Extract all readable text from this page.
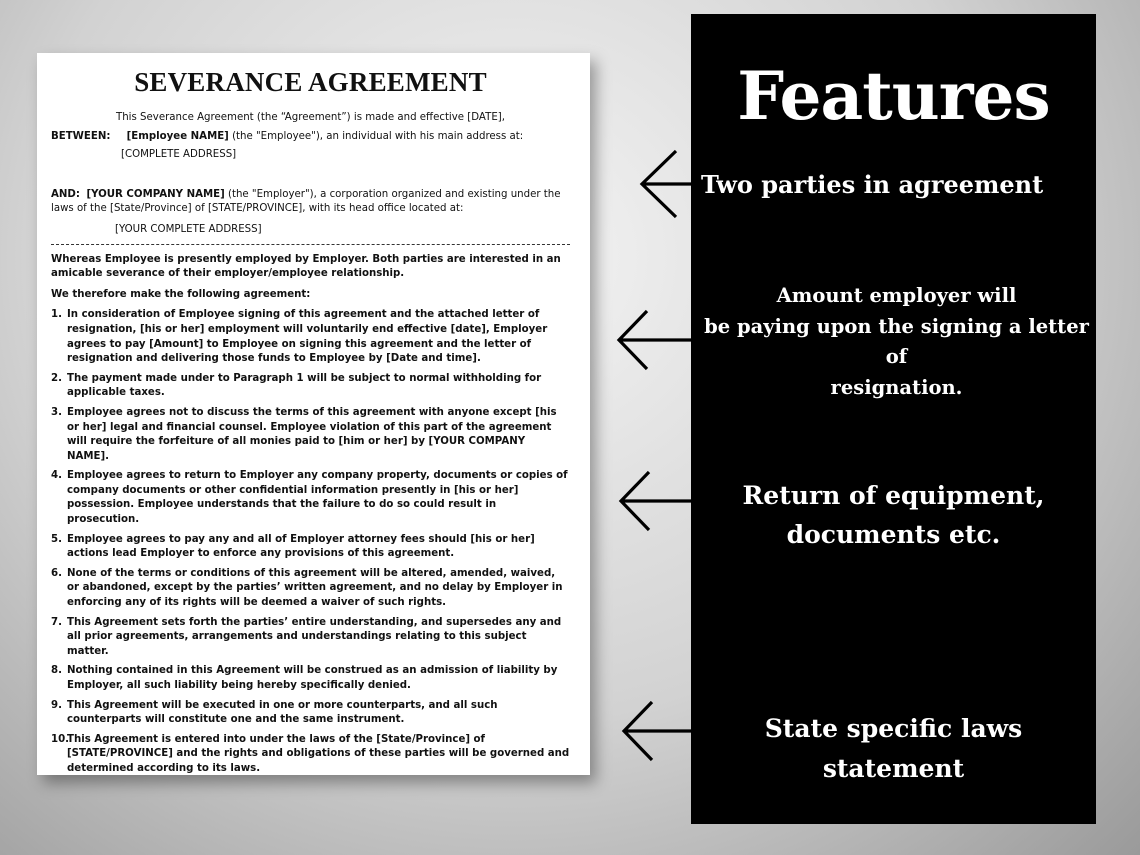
SEVERANCE AGREEMENT

This Severance Agreement (the “Agreement”) is made and effective [DATE],

BETWEEN: [Employee NAME] (the "Employee"), an individual with his main address at:

[COMPLETE ADDRESS]

AND: [YOUR COMPANY NAME] (the "Employer"), a corporation organized and existing under the laws of the [State/Province] of [STATE/PROVINCE], with its head office located at:

[YOUR COMPLETE ADDRESS]

Whereas Employee is presently employed by Employer. Both parties are interested in an amicable severance of their employer/employee relationship.

We therefore make the following agreement:

1. In consideration of Employee signing of this agreement and the attached letter of resignation, [his or her] employment will voluntarily end effective [date], Employer agrees to pay [Amount] to Employee on signing this agreement and the letter of resignation and delivering those funds to Employee by [Date and time].
2. The payment made under to Paragraph 1 will be subject to normal withholding for applicable taxes.
3. Employee agrees not to discuss the terms of this agreement with anyone except [his or her] legal and financial counsel. Employee violation of this part of the agreement will require the forfeiture of all monies paid to [him or her] by [YOUR COMPANY NAME].
4. Employee agrees to return to Employer any company property, documents or copies of company documents or other confidential information presently in [his or her] possession. Employee understands that the failure to do so could result in prosecution.
5. Employee agrees to pay any and all of Employer attorney fees should [his or her] actions lead Employer to enforce any provisions of this agreement.
6. None of the terms or conditions of this agreement will be altered, amended, waived, or abandoned, except by the parties’ written agreement, and no delay by Employer in enforcing any of its rights will be deemed a waiver of such rights.
7. This Agreement sets forth the parties’ entire understanding, and supersedes any and all prior agreements, arrangements and understandings relating to this subject matter.
8. Nothing contained in this Agreement will be construed as an admission of liability by Employer, all such liability being hereby specifically denied.
9. This Agreement will be executed in one or more counterparts, and all such counterparts will constitute one and the same instrument.
10.
This Agreement is entered into under the laws of the [State/Province] of [STATE/PROVINCE] and the rights and obligations of these parties will be governed and determined according to its laws.

Features

Two parties in agreement

Amount employer will
be paying upon the signing a letter of
resignation.

Return of equipment,
documents etc.

State specific laws
statement
